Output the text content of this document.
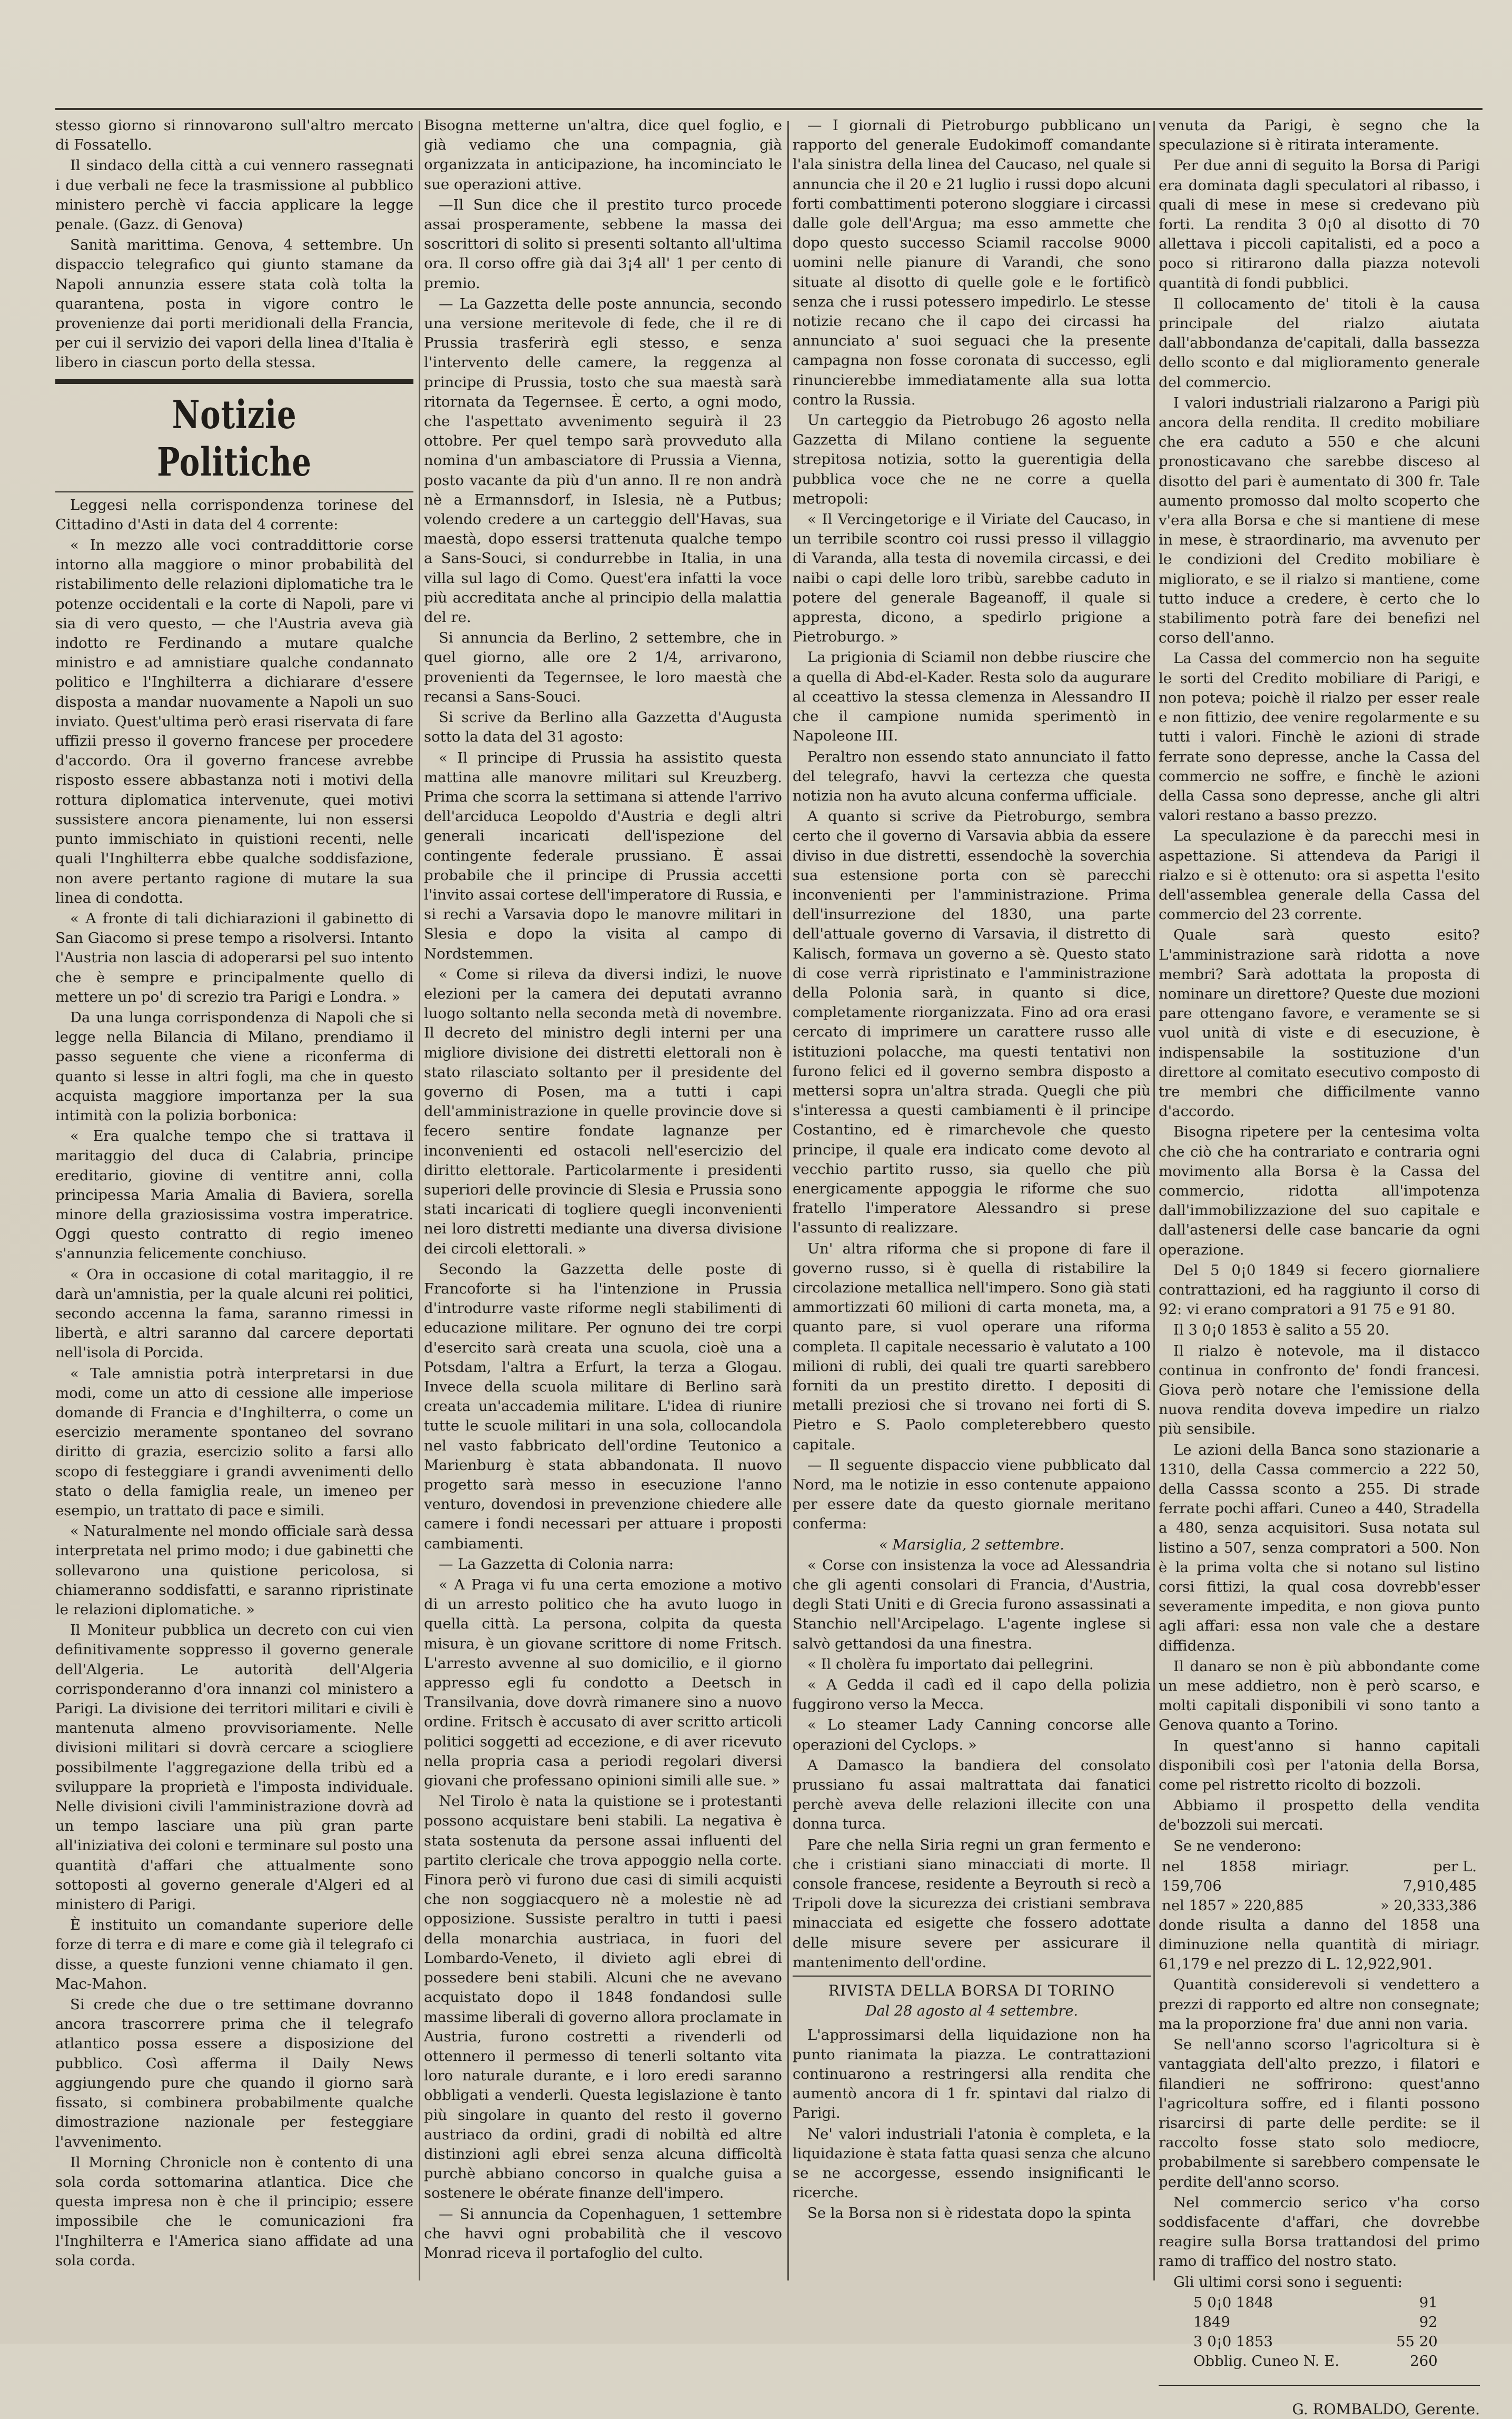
stesso giorno si rinnovarono sull'altro mercato di Fossatello.

Il sindaco della città a cui vennero rassegnati i due verbali ne fece la trasmissione al pubblico ministero perchè vi faccia applicare la legge penale. (Gazz. di Genova)

Sanità marittima. Genova, 4 settembre. Un dispaccio telegrafico qui giunto stamane da Napoli annunzia essere stata colà tolta la quarantena, posta in vigore contro le provenienze dai porti meridionali della Francia, per cui il servizio dei vapori della linea d'Italia è libero in ciascun porto della stessa.

Notizie Politiche

Leggesi nella corrispondenza torinese del Cittadino d'Asti in data del 4 corrente:

« In mezzo alle voci contraddittorie corse intorno alla maggiore o minor probabilità del ristabilimento delle relazioni diplomatiche tra le potenze occidentali e la corte di Napoli, pare vi sia di vero questo, — che l'Austria aveva già indotto re Ferdinando a mutare qualche ministro e ad amnistiare qualche condannato politico e l'Inghilterra a dichiarare d'essere disposta a mandar nuovamente a Napoli un suo inviato. Quest'ultima però erasi riservata di fare uffizii presso il governo francese per procedere d'accordo. Ora il governo francese avrebbe risposto essere abbastanza noti i motivi della rottura diplomatica intervenute, quei motivi sussistere ancora pienamente, lui non essersi punto immischiato in quistioni recenti, nelle quali l'Inghilterra ebbe qualche soddisfazione, non avere pertanto ragione di mutare la sua linea di condotta.

« A fronte di tali dichiarazioni il gabinetto di San Giacomo si prese tempo a risolversi. Intanto l'Austria non lascia di adoperarsi pel suo intento che è sempre e principalmente quello di mettere un po' di screzio tra Parigi e Londra. »

Da una lunga corrispondenza di Napoli che si legge nella Bilancia di Milano, prendiamo il passo seguente che viene a riconferma di quanto si lesse in altri fogli, ma che in questo acquista maggiore importanza per la sua intimità con la polizia borbonica:

« Era qualche tempo che si trattava il maritaggio del duca di Calabria, principe ereditario, giovine di ventitre anni, colla principessa Maria Amalia di Baviera, sorella minore della graziosissima vostra imperatrice. Oggi questo contratto di regio imeneo s'annunzia felicemente conchiuso.

« Ora in occasione di cotal maritaggio, il re darà un'amnistia, per la quale alcuni rei politici, secondo accenna la fama, saranno rimessi in libertà, e altri saranno dal carcere deportati nell'isola di Porcida.

« Tale amnistia potrà interpretarsi in due modi, come un atto di cessione alle imperiose domande di Francia e d'Inghilterra, o come un esercizio meramente spontaneo del sovrano diritto di grazia, esercizio solito a farsi allo scopo di festeggiare i grandi avvenimenti dello stato o della famiglia reale, un imeneo per esempio, un trattato di pace e simili.

« Naturalmente nel mondo officiale sarà dessa interpretata nel primo modo; i due gabinetti che sollevarono una quistione pericolosa, si chiameranno soddisfatti, e saranno ripristinate le relazioni diplomatiche. »

Il Moniteur pubblica un decreto con cui vien definitivamente soppresso il governo generale dell'Algeria. Le autorità dell'Algeria corrisponderanno d'ora innanzi col ministero a Parigi. La divisione dei territori militari e civili è mantenuta almeno provvisoriamente. Nelle divisioni militari si dovrà cercare a sciogliere possibilmente l'aggregazione della tribù ed a sviluppare la proprietà e l'imposta individuale. Nelle divisioni civili l'amministrazione dovrà ad un tempo lasciare una più gran parte all'iniziativa dei coloni e terminare sul posto una quantità d'affari che attualmente sono sottoposti al governo generale d'Algeri ed al ministero di Parigi.

È instituito un comandante superiore delle forze di terra e di mare e come già il telegrafo ci disse, a queste funzioni venne chiamato il gen. Mac-Mahon.

Si crede che due o tre settimane dovranno ancora trascorrere prima che il telegrafo atlantico possa essere a disposizione del pubblico. Così afferma il Daily News aggiungendo pure che quando il giorno sarà fissato, si combinera probabilmente qualche dimostrazione nazionale per festeggiare l'avvenimento.

Il Morning Chronicle non è contento di una sola corda sottomarina atlantica. Dice che questa impresa non è che il principio; essere impossibile che le comunicazioni fra l'Inghilterra e l'America siano affidate ad una sola corda.

Bisogna metterne un'altra, dice quel foglio, e già vediamo che una compagnia, già organizzata in anticipazione, ha incominciato le sue operazioni attive.

—Il Sun dice che il prestito turco procede assai prosperamente, sebbene la massa dei soscrittori di solito si presenti soltanto all'ultima ora. Il corso offre già dai 3¡4 all' 1 per cento di premio.

— La Gazzetta delle poste annuncia, secondo una versione meritevole di fede, che il re di Prussia trasferirà egli stesso, e senza l'intervento delle camere, la reggenza al principe di Prussia, tosto che sua maestà sarà ritornata da Tegernsee. È certo, a ogni modo, che l'aspettato avvenimento seguirà il 23 ottobre. Per quel tempo sarà provveduto alla nomina d'un ambasciatore di Prussia a Vienna, posto vacante da più d'un anno. Il re non andrà nè a Ermannsdorf, in Islesia, nè a Putbus; volendo credere a un carteggio dell'Havas, sua maestà, dopo essersi trattenuta qualche tempo a Sans-Souci, si condurrebbe in Italia, in una villa sul lago di Como. Quest'era infatti la voce più accreditata anche al principio della malattia del re.

Si annuncia da Berlino, 2 settembre, che in quel giorno, alle ore 2 1/4, arrivarono, provenienti da Tegernsee, le loro maestà che recansi a Sans-Souci.

Si scrive da Berlino alla Gazzetta d'Augusta sotto la data del 31 agosto:

« Il principe di Prussia ha assistito questa mattina alle manovre militari sul Kreuzberg. Prima che scorra la settimana si attende l'arrivo dell'arciduca Leopoldo d'Austria e degli altri generali incaricati dell'ispezione del contingente federale prussiano. È assai probabile che il principe di Prussia accetti l'invito assai cortese dell'imperatore di Russia, e si rechi a Varsavia dopo le manovre militari in Slesia e dopo la visita al campo di Nordstemmen.

« Come si rileva da diversi indizi, le nuove elezioni per la camera dei deputati avranno luogo soltanto nella seconda metà di novembre. Il decreto del ministro degli interni per una migliore divisione dei distretti elettorali non è stato rilasciato soltanto per il presidente del governo di Posen, ma a tutti i capi dell'amministrazione in quelle provincie dove si fecero sentire fondate lagnanze per inconvenienti ed ostacoli nell'esercizio del diritto elettorale. Particolarmente i presidenti superiori delle provincie di Slesia e Prussia sono stati incaricati di togliere quegli inconvenienti nei loro distretti mediante una diversa divisione dei circoli elettorali. »

Secondo la Gazzetta delle poste di Francoforte si ha l'intenzione in Prussia d'introdurre vaste riforme negli stabilimenti di educazione militare. Per ognuno dei tre corpi d'esercito sarà creata una scuola, cioè una a Potsdam, l'altra a Erfurt, la terza a Glogau. Invece della scuola militare di Berlino sarà creata un'accademia militare. L'idea di riunire tutte le scuole militari in una sola, collocandola nel vasto fabbricato dell'ordine Teutonico a Marienburg è stata abbandonata. Il nuovo progetto sarà messo in esecuzione l'anno venturo, dovendosi in prevenzione chiedere alle camere i fondi necessari per attuare i proposti cambiamenti.

— La Gazzetta di Colonia narra:

« A Praga vi fu una certa emozione a motivo di un arresto politico che ha avuto luogo in quella città. La persona, colpita da questa misura, è un giovane scrittore di nome Fritsch. L'arresto avvenne al suo domicilio, e il giorno appresso egli fu condotto a Deetsch in Transilvania, dove dovrà rimanere sino a nuovo ordine. Fritsch è accusato di aver scritto articoli politici soggetti ad eccezione, e di aver ricevuto nella propria casa a periodi regolari diversi giovani che professano opinioni simili alle sue. »

Nel Tirolo è nata la quistione se i protestanti possono acquistare beni stabili. La negativa è stata sostenuta da persone assai influenti del partito clericale che trova appoggio nella corte. Finora però vi furono due casi di simili acquisti che non soggiacquero nè a molestie nè ad opposizione. Sussiste peraltro in tutti i paesi della monarchia austriaca, in fuori del Lombardo-Veneto, il divieto agli ebrei di possedere beni stabili. Alcuni che ne avevano acquistato dopo il 1848 fondandosi sulle massime liberali di governo allora proclamate in Austria, furono costretti a rivenderli od ottennero il permesso di tenerli soltanto vita loro naturale durante, e i loro eredi saranno obbligati a venderli. Questa legislazione è tanto più singolare in quanto del resto il governo austriaco da ordini, gradi di nobiltà ed altre distinzioni agli ebrei senza alcuna difficoltà purchè abbiano concorso in qualche guisa a sostenere le obérate finanze dell'impero.

— Si annuncia da Copenhaguen, 1 settembre che havvi ogni probabilità che il vescovo Monrad riceva il portafoglio del culto.

— I giornali di Pietroburgo pubblicano un rapporto del generale Eudokimoff comandante l'ala sinistra della linea del Caucaso, nel quale si annuncia che il 20 e 21 luglio i russi dopo alcuni forti combattimenti poterono sloggiare i circassi dalle gole dell'Argua; ma esso ammette che dopo questo successo Sciamil raccolse 9000 uomini nelle pianure di Varandi, che sono situate al disotto di quelle gole e le fortificò senza che i russi potessero impedirlo. Le stesse notizie recano che il capo dei circassi ha annunciato a' suoi seguaci che la presente campagna non fosse coronata di successo, egli rinuncierebbe immediatamente alla sua lotta contro la Russia.

Un carteggio da Pietrobugo 26 agosto nella Gazzetta di Milano contiene la seguente strepitosa notizia, sotto la guerentigia della pubblica voce che ne ne corre a quella metropoli:

« Il Vercingetorige e il Viriate del Caucaso, in un terribile scontro coi russi presso il villaggio di Varanda, alla testa di novemila circassi, e dei naibi o capi delle loro tribù, sarebbe caduto in potere del generale Bageanoff, il quale si appresta, dicono, a spedirlo prigione a Pietroburgo. »

La prigionia di Sciamil non debbe riuscire che a quella di Abd-el-Kader. Resta solo da augurare al cceattivo la stessa clemenza in Alessandro II che il campione numida sperimentò in Napoleone III.

Peraltro non essendo stato annunciato il fatto del telegrafo, havvi la certezza che questa notizia non ha avuto alcuna conferma ufficiale.

A quanto si scrive da Pietroburgo, sembra certo che il governo di Varsavia abbia da essere diviso in due distretti, essendochè la soverchia sua estensione porta con sè parecchi inconvenienti per l'amministrazione. Prima dell'insurrezione del 1830, una parte dell'attuale governo di Varsavia, il distretto di Kalisch, formava un governo a sè. Questo stato di cose verrà ripristinato e l'amministrazione della Polonia sarà, in quanto si dice, completamente riorganizzata. Fino ad ora erasi cercato di imprimere un carattere russo alle istituzioni polacche, ma questi tentativi non furono felici ed il governo sembra disposto a mettersi sopra un'altra strada. Quegli che più s'interessa a questi cambiamenti è il principe Costantino, ed è rimarchevole che questo principe, il quale era indicato come devoto al vecchio partito russo, sia quello che più energicamente appoggia le riforme che suo fratello l'imperatore Alessandro si prese l'assunto di realizzare.

Un' altra riforma che si propone di fare il governo russo, si è quella di ristabilire la circolazione metallica nell'impero. Sono già stati ammortizzati 60 milioni di carta moneta, ma, a quanto pare, si vuol operare una riforma completa. Il capitale necessario è valutato a 100 milioni di rubli, dei quali tre quarti sarebbero forniti da un prestito diretto. I depositi di metalli preziosi che si trovano nei forti di S. Pietro e S. Paolo completerebbero questo capitale.

— Il seguente dispaccio viene pubblicato dal Nord, ma le notizie in esso contenute appaiono per essere date da questo giornale meritano conferma:

« Marsiglia, 2 settembre.

« Corse con insistenza la voce ad Alessandria che gli agenti consolari di Francia, d'Austria, degli Stati Uniti e di Grecia furono assassinati a Stanchio nell'Arcipelago. L'agente inglese si salvò gettandosi da una finestra.

« Il cholèra fu importato dai pellegrini.

« A Gedda il cadì ed il capo della polizia fuggirono verso la Mecca.

« Lo steamer Lady Canning concorse alle operazioni del Cyclops. »

A Damasco la bandiera del consolato prussiano fu assai maltrattata dai fanatici perchè aveva delle relazioni illecite con una donna turca.

Pare che nella Siria regni un gran fermento e che i cristiani siano minacciati di morte. Il console francese, residente a Beyrouth si recò a Tripoli dove la sicurezza dei cristiani sembrava minacciata ed esigette che fossero adottate delle misure severe per assicurare il mantenimento dell'ordine.

RIVISTA DELLA BORSA DI TORINO

Dal 28 agosto al 4 settembre.

L'approssimarsi della liquidazione non ha punto rianimata la piazza. Le contrattazioni continuarono a restringersi alla rendita che aumentò ancora di 1 fr. spintavi dal rialzo di Parigi.

Ne' valori industriali l'atonia è completa, e la liquidazione è stata fatta quasi senza che alcuno se ne accorgesse, essendo insignificanti le ricerche.

Se la Borsa non si è ridestata dopo la spinta

venuta da Parigi, è segno che la speculazione si è ritirata interamente.

Per due anni di seguito la Borsa di Parigi era dominata dagli speculatori al ribasso, i quali di mese in mese si credevano più forti. La rendita 3 0¡0 al disotto di 70 allettava i piccoli capitalisti, ed a poco a poco si ritirarono dalla piazza notevoli quantità di fondi pubblici.

Il collocamento de' titoli è la causa principale del rialzo aiutata dall'abbondanza de'capitali, dalla bassezza dello sconto e dal miglioramento generale del commercio.

I valori industriali rialzarono a Parigi più ancora della rendita. Il credito mobiliare che era caduto a 550 e che alcuni pronosticavano che sarebbe disceso al disotto del pari è aumentato di 300 fr. Tale aumento promosso dal molto scoperto che v'era alla Borsa e che si mantiene di mese in mese, è straordinario, ma avvenuto per le condizioni del Credito mobiliare è migliorato, e se il rialzo si mantiene, come tutto induce a credere, è certo che lo stabilimento potrà fare dei benefizi nel corso dell'anno.

La Cassa del commercio non ha seguite le sorti del Credito mobiliare di Parigi, e non poteva; poichè il rialzo per esser reale e non fittizio, dee venire regolarmente e su tutti i valori. Finchè le azioni di strade ferrate sono depresse, anche la Cassa del commercio ne soffre, e finchè le azioni della Cassa sono depresse, anche gli altri valori restano a basso prezzo.

La speculazione è da parecchi mesi in aspettazione. Si attendeva da Parigi il rialzo e si è ottenuto: ora si aspetta l'esito dell'assemblea generale della Cassa del commercio del 23 corrente.

Quale sarà questo esito? L'amministrazione sarà ridotta a nove membri? Sarà adottata la proposta di nominare un direttore? Queste due mozioni pare ottengano favore, e veramente se si vuol unità di viste e di esecuzione, è indispensabile la sostituzione d'un direttore al comitato esecutivo composto di tre membri che difficilmente vanno d'accordo.

Bisogna ripetere per la centesima volta che ciò che ha contrariato e contraria ogni movimento alla Borsa è la Cassa del commercio, ridotta all'impotenza dall'immobilizzazione del suo capitale e dall'astenersi delle case bancarie da ogni operazione.

Del 5 0¡0 1849 si fecero giornaliere contrattazioni, ed ha raggiunto il corso di 92: vi erano compratori a 91 75 e 91 80.

Il 3 0¡0 1853 è salito a 55 20.

Il rialzo è notevole, ma il distacco continua in confronto de' fondi francesi. Giova però notare che l'emissione della nuova rendita doveva impedire un rialzo più sensibile.

Le azioni della Banca sono stazionarie a 1310, della Cassa commercio a 222 50, della Casssa sconto a 255. Di strade ferrate pochi affari. Cuneo a 440, Stradella a 480, senza acquisitori. Susa notata sul listino a 507, senza compratori a 500. Non è la prima volta che si notano sul listino corsi fittizi, la qual cosa dovrebb'esser severamente impedita, e non giova punto agli affari: essa non vale che a destare diffidenza.

Il danaro se non è più abbondante come un mese addietro, non è però scarso, e molti capitali disponibili vi sono tanto a Genova quanto a Torino.

In quest'anno si hanno capitali disponibili così per l'atonia della Borsa, come pel ristretto ricolto di bozzoli.

Abbiamo il prospetto della vendita de'bozzoli sui mercati.

Se ne venderono:

nel 1858 miriagr. 159,706	per L. 7,910,485
nel 1857 » 220,885	» 20,333,386

donde risulta a danno del 1858 una diminuzione nella quantità di miriagr. 61,179 e nel prezzo di L. 12,922,901.

Quantità considerevoli si vendettero a prezzi di rapporto ed altre non consegnate; ma la proporzione fra' due anni non varia.

Se nell'anno scorso l'agricoltura si è vantaggiata dell'alto prezzo, i filatori e filandieri ne soffrirono: quest'anno l'agricoltura soffre, ed i filanti possono risarcirsi di parte delle perdite: se il raccolto fosse stato solo mediocre, probabilmente si sarebbero compensate le perdite dell'anno scorso.

Nel commercio serico v'ha corso soddisfacente d'affari, che dovrebbe reagire sulla Borsa trattandosi del primo ramo di traffico del nostro stato.

Gli ultimi corsi sono i seguenti:

5 0¡0 1848	91
1849	92
3 0¡0 1853	55 20
Obblig. Cuneo N. E.	260

G. ROMBALDO, Gerente.
